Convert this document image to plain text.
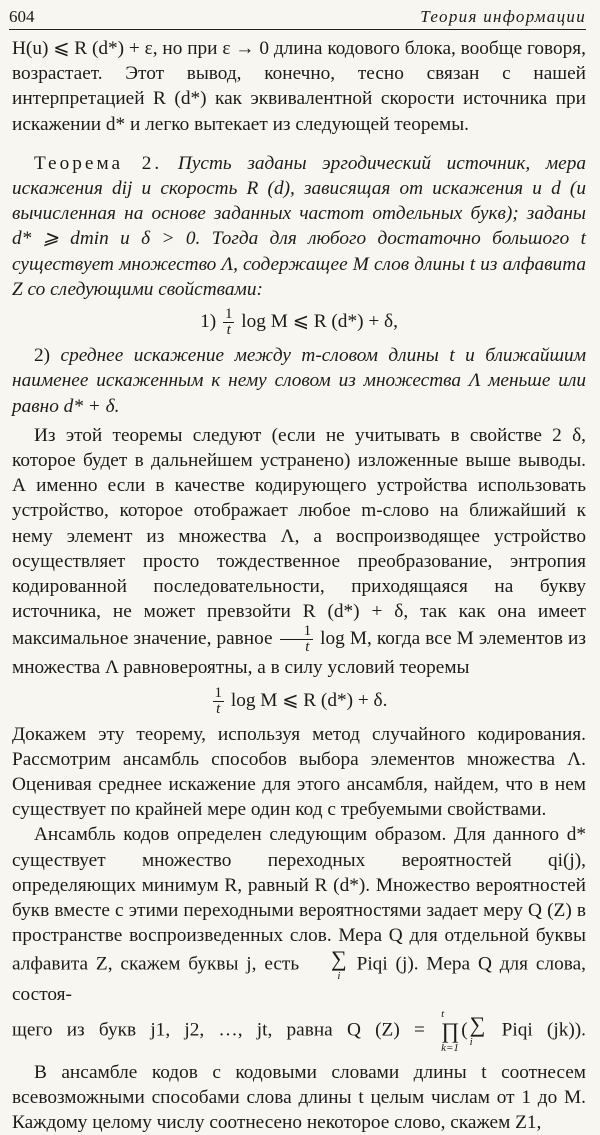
604	Теория информации

H(u) ⩽ R (d*) + ε, но при ε → 0 длина кодового блока, вообще говоря, возрастает. Этот вывод, конечно, тесно связан с нашей интерпретацией R (d*) как эквивалентной скорости источника при искажении d* и легко вытекает из следующей теоремы.

Теорема 2. Пусть заданы эргодический источник, мера искажения dij и скорость R (d), зависящая от искажения и d (и вычисленная на основе заданных частот отдельных букв); заданы d* ⩾ dmin и δ > 0. Тогда для любого достаточно большого t существует множество Λ, содержащее M слов длины t из алфавита Z со следующими свойствами:

$1) \frac{1}{t}$ log M ⩽ R (d*) + δ,

2) среднее искажение между m-словом длины t и ближайшим наименее искаженным к нему словом из множества Λ меньше или равно d* + δ.

Из этой теоремы следуют (если не учитывать в свойстве 2 δ, которое будет в дальнейшем устранено) изложенные выше выводы. А именно если в качестве кодирующего устройства использовать устройство, которое отображает любое m-слово на ближайший к нему элемент из множества Λ, а воспроизводящее устройство осуществляет просто тождественное преобразование, энтропия кодированной последовательности, приходящаяся на букву источника, не может превзойти R (d*) + δ, так как она имеет максимальное значение, равное $\frac{1}{t}$ log M, когда все M элементов из множества Λ равновероятны, а в силу условий теоремы

$\frac{1}{t}$ log M ⩽ R (d*) + δ.

Докажем эту теорему, используя метод случайного кодирования. Рассмотрим ансамбль способов выбора элементов множества Λ. Оценивая среднее искажение для этого ансамбля, найдем, что в нем существует по крайней мере один код с требуемыми свойствами.

Ансамбль кодов определен следующим образом. Для данного d* существует множество переходных вероятностей qi(j), определяющих минимум R, равный R (d*). Множество вероятностей букв вместе с этими переходными вероятностями задает меру Q (Z) в пространстве воспроизведенных слов. Мера Q для отдельной буквы алфавита Z, скажем буквы j, есть	∑
i
Piqi (j). Мера Q для слова, состоя-

щего из букв j1, j2, …, jt, равна Q (Z) =
t
∏
k=1
( ∑
i
Piqi (jk)).

В ансамбле кодов с кодовыми словами длины t соотнесем всевозможными способами слова длины t целым числам от 1 до M. Каждому целому числу соотнесено некоторое слово, скажем Z1,
